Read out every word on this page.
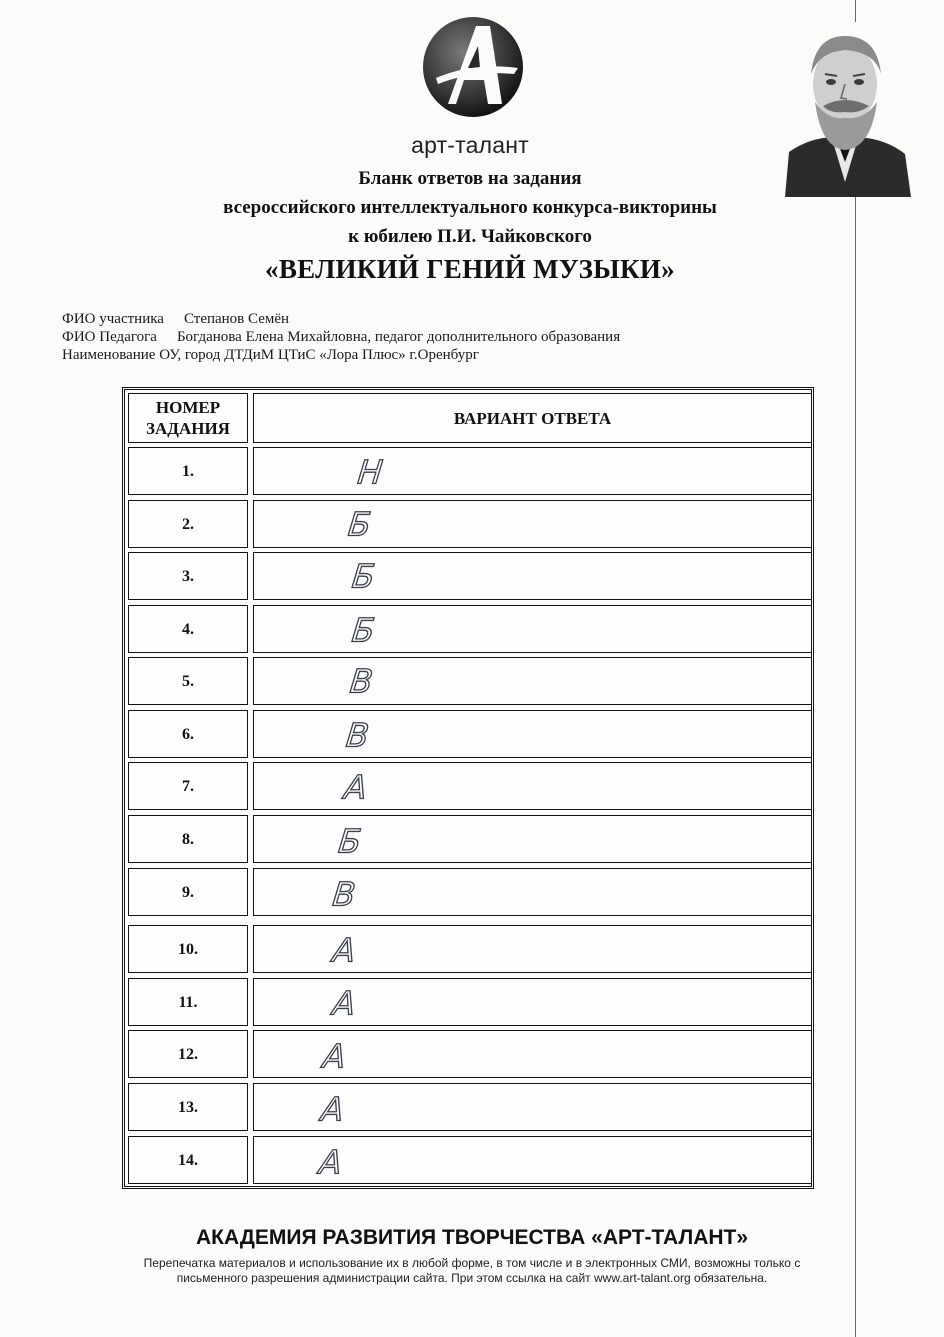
арт-талант
Бланк ответов на задания
всероссийского интеллектуального конкурса-викторины
к юбилею П.И. Чайковского
«ВЕЛИКИЙ ГЕНИЙ МУЗЫКИ»
ФИО участника Степанов Семён
ФИО Педагога Богданова Елена Михайловна, педагог дополнительного образования
Наименование ОУ, город ДТДиМ ЦТиС «Лора Плюс» г.Оренбург
НОМЕР
ЗАДАНИЯ
ВАРИАНТ ОТВЕТА
1.	Н
2.	Б
3.	Б
4.	Б
5.	В
6.	В
7.	А
8.	Б
9.	В
10.	А
11.	А
12.	А
13.	А
14.	А
АКАДЕМИЯ РАЗВИТИЯ ТВОРЧЕСТВА «АРТ-ТАЛАНТ»
Перепечатка материалов и использование их в любой форме, в том числе и в электронных СМИ, возможны только с
письменного разрешения администрации сайта. При этом ссылка на сайт www.art-talant.org обязательна.
